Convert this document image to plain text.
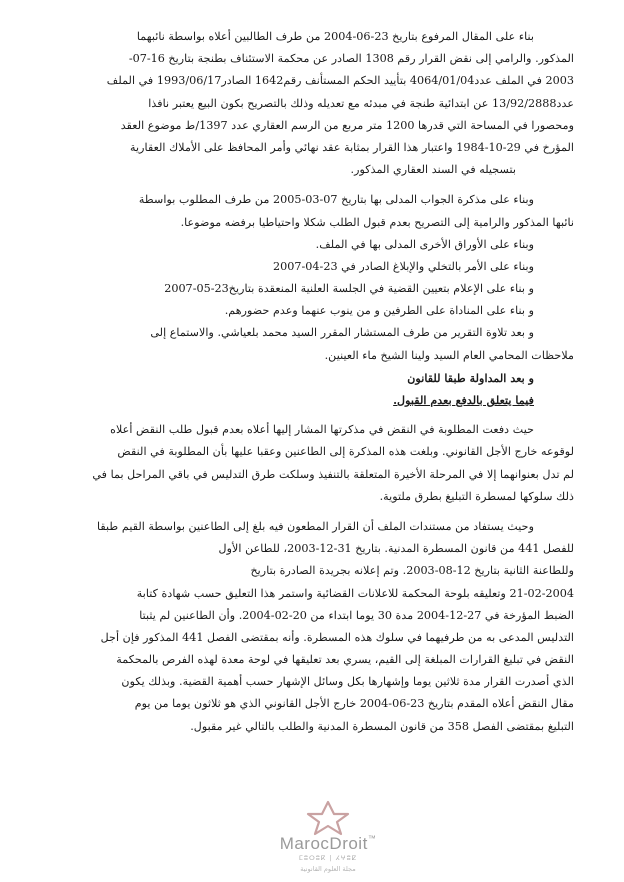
بناء على المقال المرفوع بتاريخ 23-06-2004 من طرف الطالبين أعلاه بواسطة نائبهما
المذكور. والرامي إلى نقض القرار رقم 1308 الصادر عن محكمة الاستئناف بطنجة بتاريخ 16-07-
2003 في الملف عدد4064/01/04 بتأييد الحكم المستأنف رقم1642 الصادر1993/06/17 في الملف
عدد13/92/2888 عن ابتدائية طنجة في مبدئه مع تعديله وذلك بالتصريح بكون البيع يعتبر نافذا
ومحصورا في المساحة التي قدرها 1200 متر مربع من الرسم العقاري عدد 1397/ط موضوع العقد
المؤرخ في 29-10-1984 واعتبار هذا القرار بمثابة عقد نهائي وأمر المحافظ على الأملاك العقارية
بتسجيله في السند العقاري المذكور.
وبناء على مذكرة الجواب المدلى بها بتاريخ 07-03-2005 من طرف المطلوب بواسطة
نائبها المذكور والرامية إلى التصريح بعدم قبول الطلب شكلا واحتياطيا برفضه موضوعا.
وبناء على الأوراق الأخرى المدلى بها في الملف.
وبناء على الأمر بالتخلي والإبلاغ الصادر في 23-04-2007
و بناء على الإعلام بتعيين القضية في الجلسة العلنية المنعقدة بتاريخ23-05-2007
و بناء على المناداة على الطرفين و من ينوب عنهما وعدم حضورهم.
و بعد تلاوة التقرير من طرف المستشار المقرر السيد محمد بلعياشي. والاستماع إلى
ملاحظات المحامي العام السيد ولينا الشيخ ماء العينين.
و بعد المداولة طبقا للقانون
فيما يتعلق بالدفع بعدم القبول.
حيث دفعت المطلوبة في النقض في مذكرتها المشار إليها أعلاه بعدم قبول طلب النقض أعلاه
لوقوعه خارج الأجل القانوني. وبلغت هذه المذكرة إلى الطاعنين وعقبا عليها بأن المطلوبة في النقض
لم تدل بعنوانهما إلا في المرحلة الأخيرة المتعلقة بالتنفيذ وسلكت طرق التدليس في باقي المراحل بما في
ذلك سلوكها لمسطرة التبليغ بطرق ملتوية.
وحيث يستفاد من مستندات الملف أن القرار المطعون فيه بلغ إلى الطاعنين بواسطة القيم طبقا
للفصل 441 من قانون المسطرة المدنية. بتاريخ 31-12-2003، للطاعن الأول
وللطاعنة الثانية بتاريخ 12-08-2003. وتم إعلانه بجريدة الصادرة بتاريخ
21-02-2004 وتعليقه بلوحة المحكمة للاعلانات القضائية واستمر هذا التعليق حسب شهادة كتابة
الضبط المؤرخة في 27-12-2004 مدة 30 يوما ابتداء من 20-02-2004. وأن الطاعنين لم يثبتا
التدليس المدعى به من طرفيهما في سلوك هذه المسطرة. وأنه بمقتضى الفصل 441 المذكور فإن أجل
النقض في تبليغ القرارات المبلغة إلى القيم، يسري بعد تعليقها في لوحة معدة لهذه الفرص بالمحكمة
الذي أصدرت القرار مدة ثلاثين يوما وإشهارها بكل وسائل الإشهار حسب أهمية القضية. وبذلك يكون
مقال النقض أعلاه المقدم بتاريخ 23-06-2004 خارج الأجل القانوني الذي هو ثلاثون يوما من يوم
التبليغ بمقتضى الفصل 358 من قانون المسطرة المدنية والطلب بالتالي غير مقبول.
MarocDroit™
ⵎⵓⵔⵓⴽ | ⵃⵖⵓⵇ
مجلة العلوم القانونية
